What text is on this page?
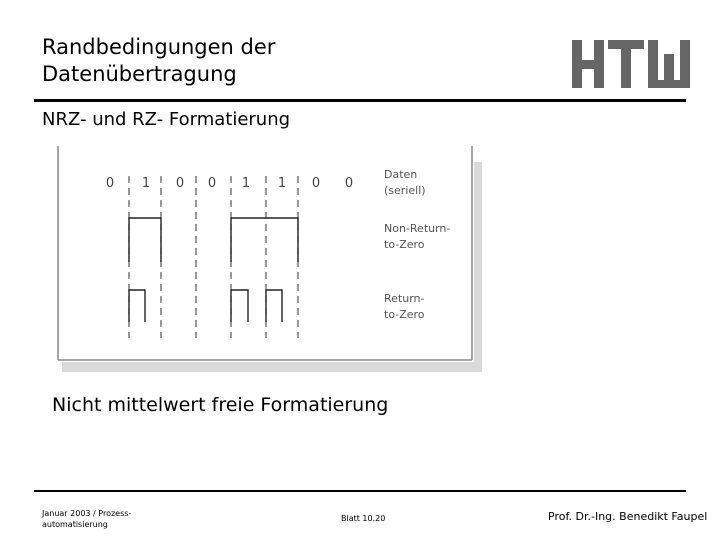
Randbedingungen der
Datenübertragung
NRZ- und RZ- Formatierung
0 1 0 0 1 1 0 0
Daten
(seriell)
Non-Return-
to-Zero
Return-
to-Zero
Nicht mittelwert freie Formatierung
Januar 2003 / Prozess-
automatisierung
Blatt 10.20	Prof. Dr.-Ing. Benedikt Faupel
